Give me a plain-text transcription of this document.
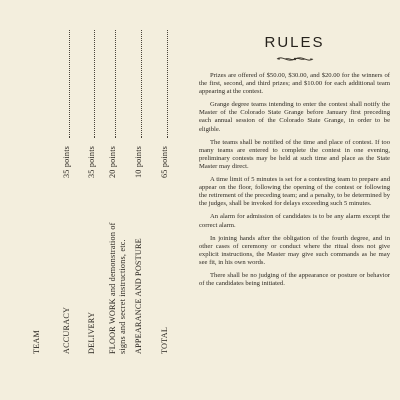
TEAM	ACCURACY
35 points
DELIVERY
35 points
FLOOR WORK and demonstration of
20 points
signs and secret instructions, etc. APPEARANCE AND POSTURE
10 points
TOTAL
65 points
RULES

Prizes are offered of $50.00, $30.00, and $20.00 for the winners of the first, second, and third prizes; and $10.00 for each additional team appearing at the contest.

Grange degree teams intending to enter the contest shall notify the Master of the Colorado State Grange before January first preceding each annual session of the Colorado State Grange, in order to be eligible.

The teams shall be notified of the time and place of contest. If too many teams are entered to complete the contest in one evening, preliminary contests may be held at such time and place as the State Master may direct.

A time limit of 5 minutes is set for a contesting team to prepare and appear on the floor, following the opening of the contest or following the retirement of the preceding team; and a penalty, to be determined by the judges, shall be invoked for delays exceeding such 5 minutes.

An alarm for admission of candidates is to be any alarm except the correct alarm.

In joining hands after the obligation of the fourth degree, and in other cases of ceremony or conduct where the ritual does not give explicit instructions, the Master may give such commands as he may see fit, in his own words.

There shall be no judging of the appearance or posture or behavior of the candidates being initiated.
